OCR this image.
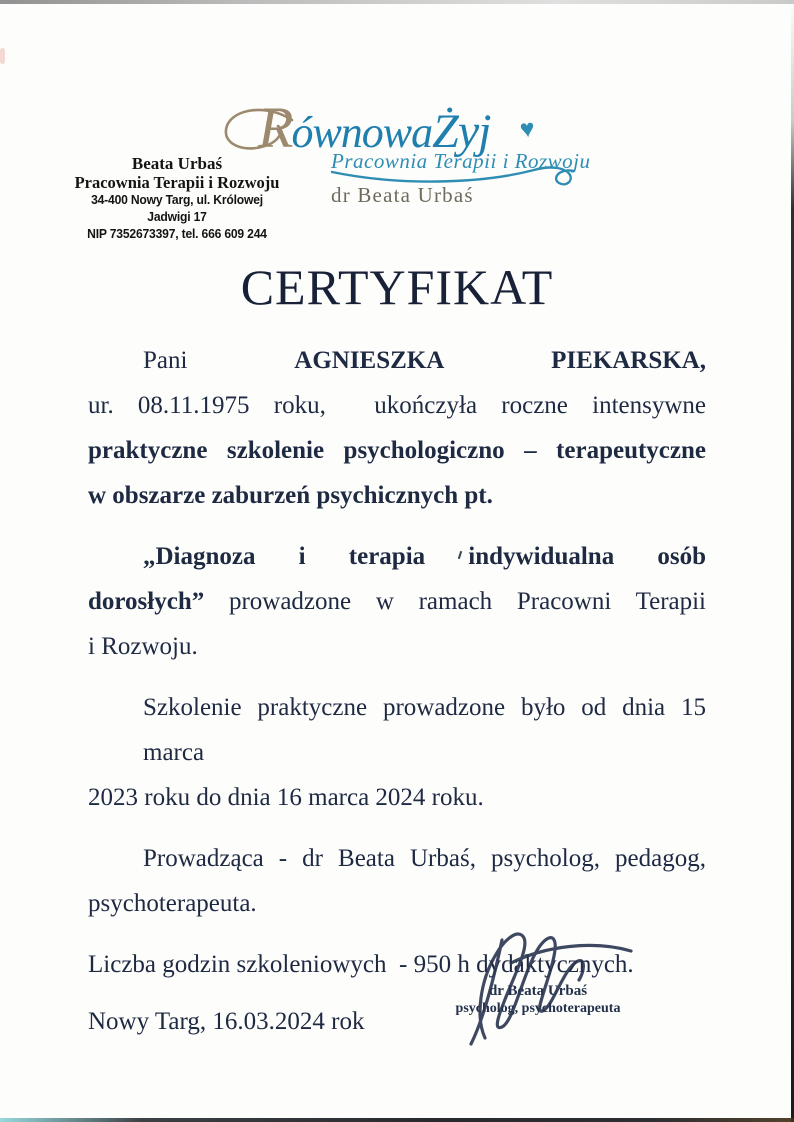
Beata Urbaś
Pracownia Terapii i Rozwoju
34-400 Nowy Targ, ul. Królowej Jadwigi 17
NIP 7352673397, tel. 666 609 244
R ównowa Żyj
Pracownia Terapii i Rozwoju
♥
dr Beata Urbaś
CERTYFIKAT
Pani	AGNIESZKA	PIEKARSKA,
ur. 08.11.1975 roku,  ukończyła roczne intensywne
praktyczne szkolenie psychologiczno – terapeutyczne
w obszarze zaburzeń psychicznych pt.
„Diagnoza i terapia indywidualna osób
dorosłych” prowadzone w ramach Pracowni Terapii
i Rozwoju.
Szkolenie praktyczne prowadzone było od dnia 15 marca
2023 roku do dnia 16 marca 2024 roku.
Prowadząca - dr Beata Urbaś, psycholog, pedagog,
psychoterapeuta.
Liczba godzin szkoleniowych  - 950 h dydaktycznych.
dr Beata Urbaś
psycholog, psychoterapeuta
Nowy Targ, 16.03.2024 rok
